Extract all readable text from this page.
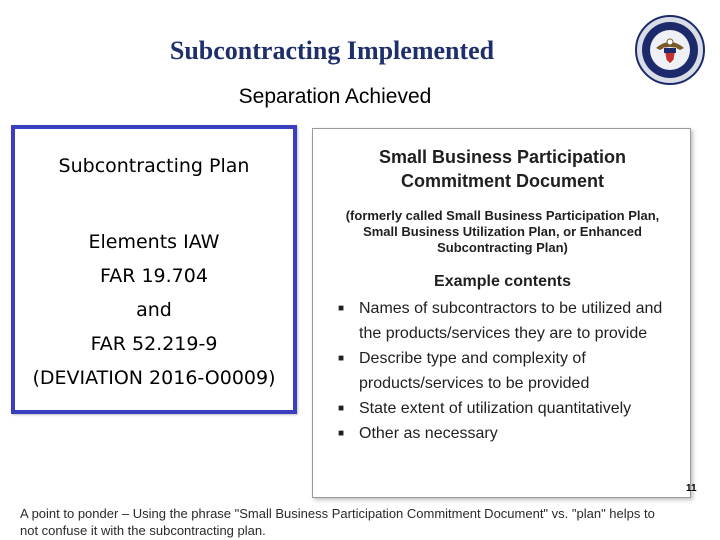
Subcontracting Implemented
Separation Achieved
Subcontracting Plan
Elements IAW
FAR 19.704
and
FAR 52.219-9
(DEVIATION 2016-O0009)
Small Business Participation
Commitment Document
(formerly called Small Business Participation Plan,
Small Business Utilization Plan, or Enhanced
Subcontracting Plan)
Example contents
■ Names of subcontractors to be utilized and the products/services they are to provide
■ Describe type and complexity of products/services to be provided
■ State extent of utilization quantitatively
■ Other as necessary
A point to ponder – Using the phrase "Small Business Participation Commitment Document" vs. "plan" helps to not confuse it with the subcontracting plan.
11
